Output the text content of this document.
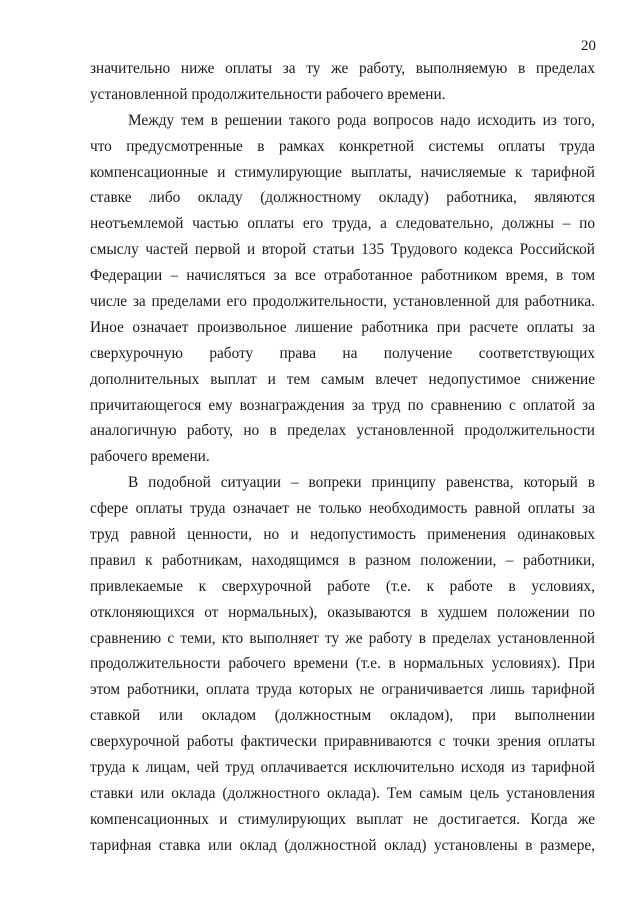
20
значительно ниже оплаты за ту же работу, выполняемую в пределах
установленной продолжительности рабочего времени.
Между тем в решении такого рода вопросов надо исходить из того,
что предусмотренные в рамках конкретной системы оплаты труда
компенсационные и стимулирующие выплаты, начисляемые к тарифной
ставке либо окладу (должностному окладу) работника, являются
неотъемлемой частью оплаты его труда, а следовательно, должны – по
смыслу частей первой и второй статьи 135 Трудового кодекса Российской
Федерации – начисляться за все отработанное работником время, в том
числе за пределами его продолжительности, установленной для работника.
Иное означает произвольное лишение работника при расчете оплаты за
сверхурочную работу права на получение соответствующих
дополнительных выплат и тем самым влечет недопустимое снижение
причитающегося ему вознаграждения за труд по сравнению с оплатой за
аналогичную работу, но в пределах установленной продолжительности
рабочего времени.
В подобной ситуации – вопреки принципу равенства, который в
сфере оплаты труда означает не только необходимость равной оплаты за
труд равной ценности, но и недопустимость применения одинаковых
правил к работникам, находящимся в разном положении, – работники,
привлекаемые к сверхурочной работе (т.е. к работе в условиях,
отклоняющихся от нормальных), оказываются в худшем положении по
сравнению с теми, кто выполняет ту же работу в пределах установленной
продолжительности рабочего времени (т.е. в нормальных условиях). При
этом работники, оплата труда которых не ограничивается лишь тарифной
ставкой или окладом (должностным окладом), при выполнении
сверхурочной работы фактически приравниваются с точки зрения оплаты
труда к лицам, чей труд оплачивается исключительно исходя из тарифной
ставки или оклада (должностного оклада). Тем самым цель установления
компенсационных и стимулирующих выплат не достигается. Когда же
тарифная ставка или оклад (должностной оклад) установлены в размере,
